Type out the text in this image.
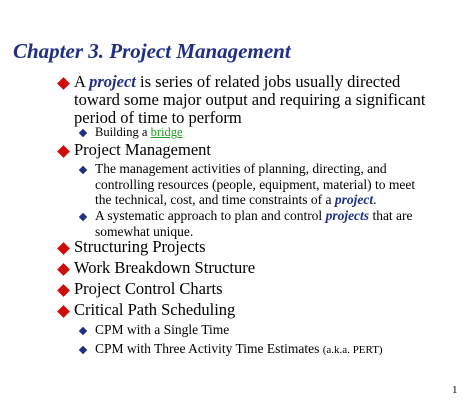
Chapter 3. Project Management
A project is series of related jobs usually directed
toward some major output and requiring a significant
period of time to perform
Building a bridge
Project Management
The management activities of planning, directing, and
controlling resources (people, equipment, material) to meet
the technical, cost, and time constraints of a project.
A systematic approach to plan and control projects that are
somewhat unique.
Structuring Projects
Work Breakdown Structure
Project Control Charts
Critical Path Scheduling
CPM with a Single Time
CPM with Three Activity Time Estimates (a.k.a. PERT)
1
